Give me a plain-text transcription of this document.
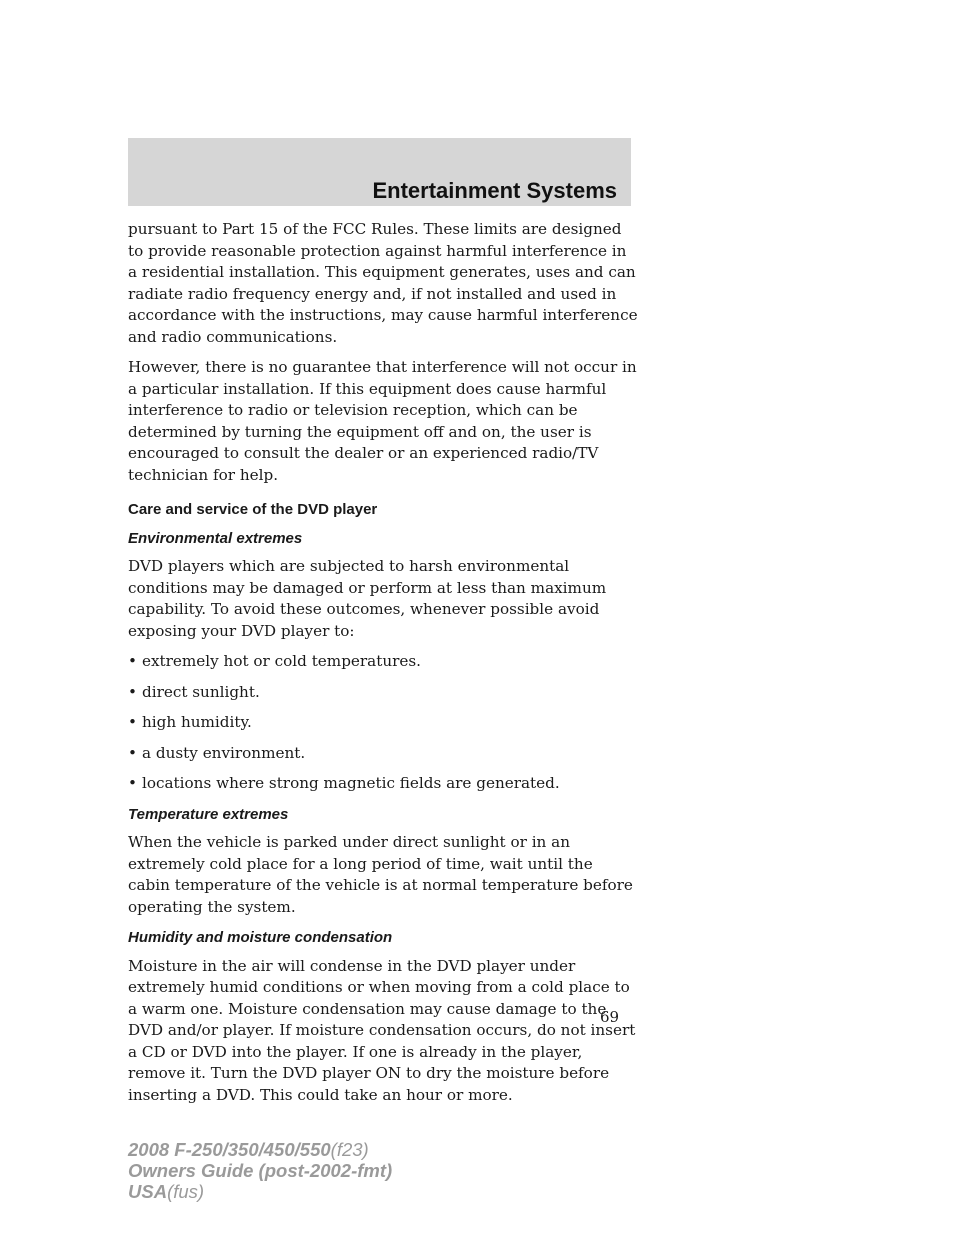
Entertainment Systems

pursuant to Part 15 of the FCC Rules. These limits are designed to provide reasonable protection against harmful interference in a residential installation. This equipment generates, uses and can radiate radio frequency energy and, if not installed and used in accordance with the instructions, may cause harmful interference and radio communications.

However, there is no guarantee that interference will not occur in a particular installation. If this equipment does cause harmful interference to radio or television reception, which can be determined by turning the equipment off and on, the user is encouraged to consult the dealer or an experienced radio/TV technician for help.

Care and service of the DVD player
Environmental extremes

DVD players which are subjected to harsh environmental conditions may be damaged or perform at less than maximum capability. To avoid these outcomes, whenever possible avoid exposing your DVD player to:

• extremely hot or cold temperatures.
• direct sunlight.
• high humidity.
• a dusty environment.
• locations where strong magnetic fields are generated.
Temperature extremes

When the vehicle is parked under direct sunlight or in an extremely cold place for a long period of time, wait until the cabin temperature of the vehicle is at normal temperature before operating the system.

Humidity and moisture condensation

Moisture in the air will condense in the DVD player under extremely humid conditions or when moving from a cold place to a warm one. Moisture condensation may cause damage to the DVD and/or player. If moisture condensation occurs, do not insert a CD or DVD into the player. If one is already in the player, remove it. Turn the DVD player ON to dry the moisture before inserting a DVD. This could take an hour or more.

69
2008 F-250/350/450/550(f23)
Owners Guide (post-2002-fmt)
USA(fus)
